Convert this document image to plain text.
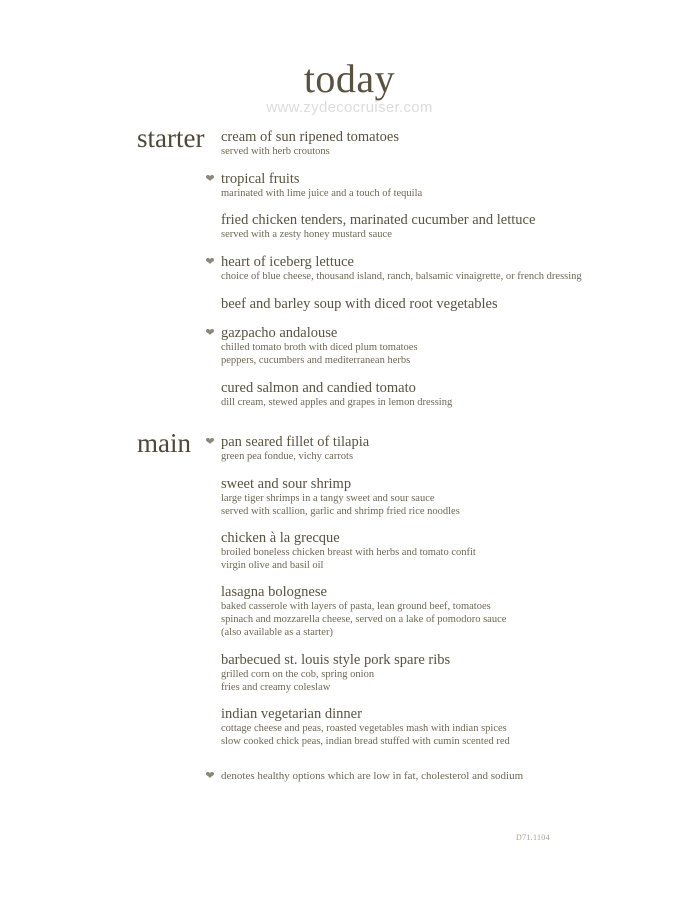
today
www.zydecocruiser.com
starter cream of sun ripened tomatoes
served with herb croutons
tropical fruits
marinated with lime juice and a touch of tequila
❤
fried chicken tenders, marinated cucumber and lettuce
served with a zesty honey mustard sauce
heart of iceberg lettuce
choice of blue cheese, thousand island, ranch, balsamic vinaigrette, or french dressing
❤
beef and barley soup with diced root vegetables
gazpacho andalouse
chilled tomato broth with diced plum tomatoes
peppers, cucumbers and mediterranean herbs
❤
cured salmon and candied tomato
dill cream, stewed apples and grapes in lemon dressing
main pan seared fillet of tilapia
green pea fondue, vichy carrots
❤
sweet and sour shrimp
large tiger shrimps in a tangy sweet and sour sauce
served with scallion, garlic and shrimp fried rice noodles
chicken à la grecque
broiled boneless chicken breast with herbs and tomato confit
virgin olive and basil oil
lasagna bolognese
baked casserole with layers of pasta, lean ground beef, tomatoes
spinach and mozzarella cheese, served on a lake of pomodoro sauce
(also available as a starter)
barbecued st. louis style pork spare ribs
grilled corn on the cob, spring onion
fries and creamy coleslaw
indian vegetarian dinner
cottage cheese and peas, roasted vegetables mash with indian spices
slow cooked chick peas, indian bread stuffed with cumin scented red
❤ denotes healthy options which are low in fat, cholesterol and sodium
D71.1104
